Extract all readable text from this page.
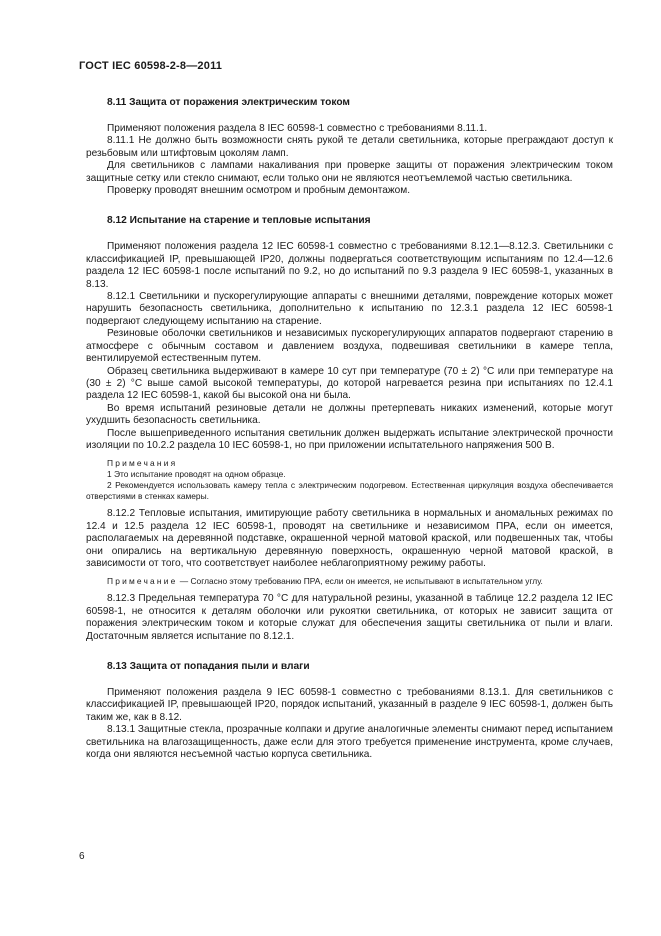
ГОСТ IEC 60598-2-8—2011
8.11 Защита от поражения электрическим током

Применяют положения раздела 8 IEC 60598-1 совместно с требованиями 8.11.1.

8.11.1 Не должно быть возможности снять рукой те детали светильника, которые преграждают доступ к резьбовым или штифтовым цоколям ламп.

Для светильников с лампами накаливания при проверке защиты от поражения электрическим током защитные сетку или стекло снимают, если только они не являются неотъемлемой частью светильника.

Проверку проводят внешним осмотром и пробным демонтажом.

8.12 Испытание на старение и тепловые испытания

Применяют положения раздела 12 IEC 60598-1 совместно с требованиями 8.12.1—8.12.3. Светильники с классификацией IP, превышающей IP20, должны подвергаться соответствующим испытаниям по 12.4—12.6 раздела 12 IEC 60598-1 после испытаний по 9.2, но до испытаний по 9.3 раздела 9 IEC 60598-1, указанных в 8.13.

8.12.1 Светильники и пускорегулирующие аппараты с внешними деталями, повреждение которых может нарушить безопасность светильника, дополнительно к испытанию по 12.3.1 раздела 12 IEC 60598-1 подвергают следующему испытанию на старение.

Резиновые оболочки светильников и независимых пускорегулирующих аппаратов подвергают старению в атмосфере с обычным составом и давлением воздуха, подвешивая светильники в камере тепла, вентилируемой естественным путем.

Образец светильника выдерживают в камере 10 сут при температуре (70 ± 2) °С или при температуре на (30 ± 2) °С выше самой высокой температуры, до которой нагревается резина при испытаниях по 12.4.1 раздела 12 IEC 60598-1, какой бы высокой она ни была.

Во время испытаний резиновые детали не должны претерпевать никаких изменений, которые могут ухудшить безопасность светильника.

После вышеприведенного испытания светильник должен выдержать испытание электрической прочности изоляции по 10.2.2 раздела 10 IEC 60598-1, но при приложении испытательного напряжения 500 В.

Примечания

1 Это испытание проводят на одном образце.

2 Рекомендуется использовать камеру тепла с электрическим подогревом. Естественная циркуляция воздуха обеспечивается отверстиями в стенках камеры.

8.12.2 Тепловые испытания, имитирующие работу светильника в нормальных и аномальных режимах по 12.4 и 12.5 раздела 12 IEC 60598-1, проводят на светильнике и независимом ПРА, если он имеется, располагаемых на деревянной подставке, окрашенной черной матовой краской, или подвешенных так, чтобы они опирались на вертикальную деревянную поверхность, окрашенную черной матовой краской, в зависимости от того, что соответствует наиболее неблагоприятному режиму работы.

Примечание — Согласно этому требованию ПРА, если он имеется, не испытывают в испытательном углу.

8.12.3 Предельная температура 70 °С для натуральной резины, указанной в таблице 12.2 раздела 12 IEC 60598-1, не относится к деталям оболочки или рукоятки светильника, от которых не зависит защита от поражения электрическим током и которые служат для обеспечения защиты светильника от пыли и влаги. Достаточным является испытание по 8.12.1.

8.13 Защита от попадания пыли и влаги

Применяют положения раздела 9 IEC 60598-1 совместно с требованиями 8.13.1. Для светильников с классификацией IP, превышающей IP20, порядок испытаний, указанный в разделе 9 IEC 60598-1, должен быть таким же, как в 8.12.

8.13.1 Защитные стекла, прозрачные колпаки и другие аналогичные элементы снимают перед испытанием светильника на влагозащищенность, даже если для этого требуется применение инструмента, кроме случаев, когда они являются несъемной частью корпуса светильника.

6
